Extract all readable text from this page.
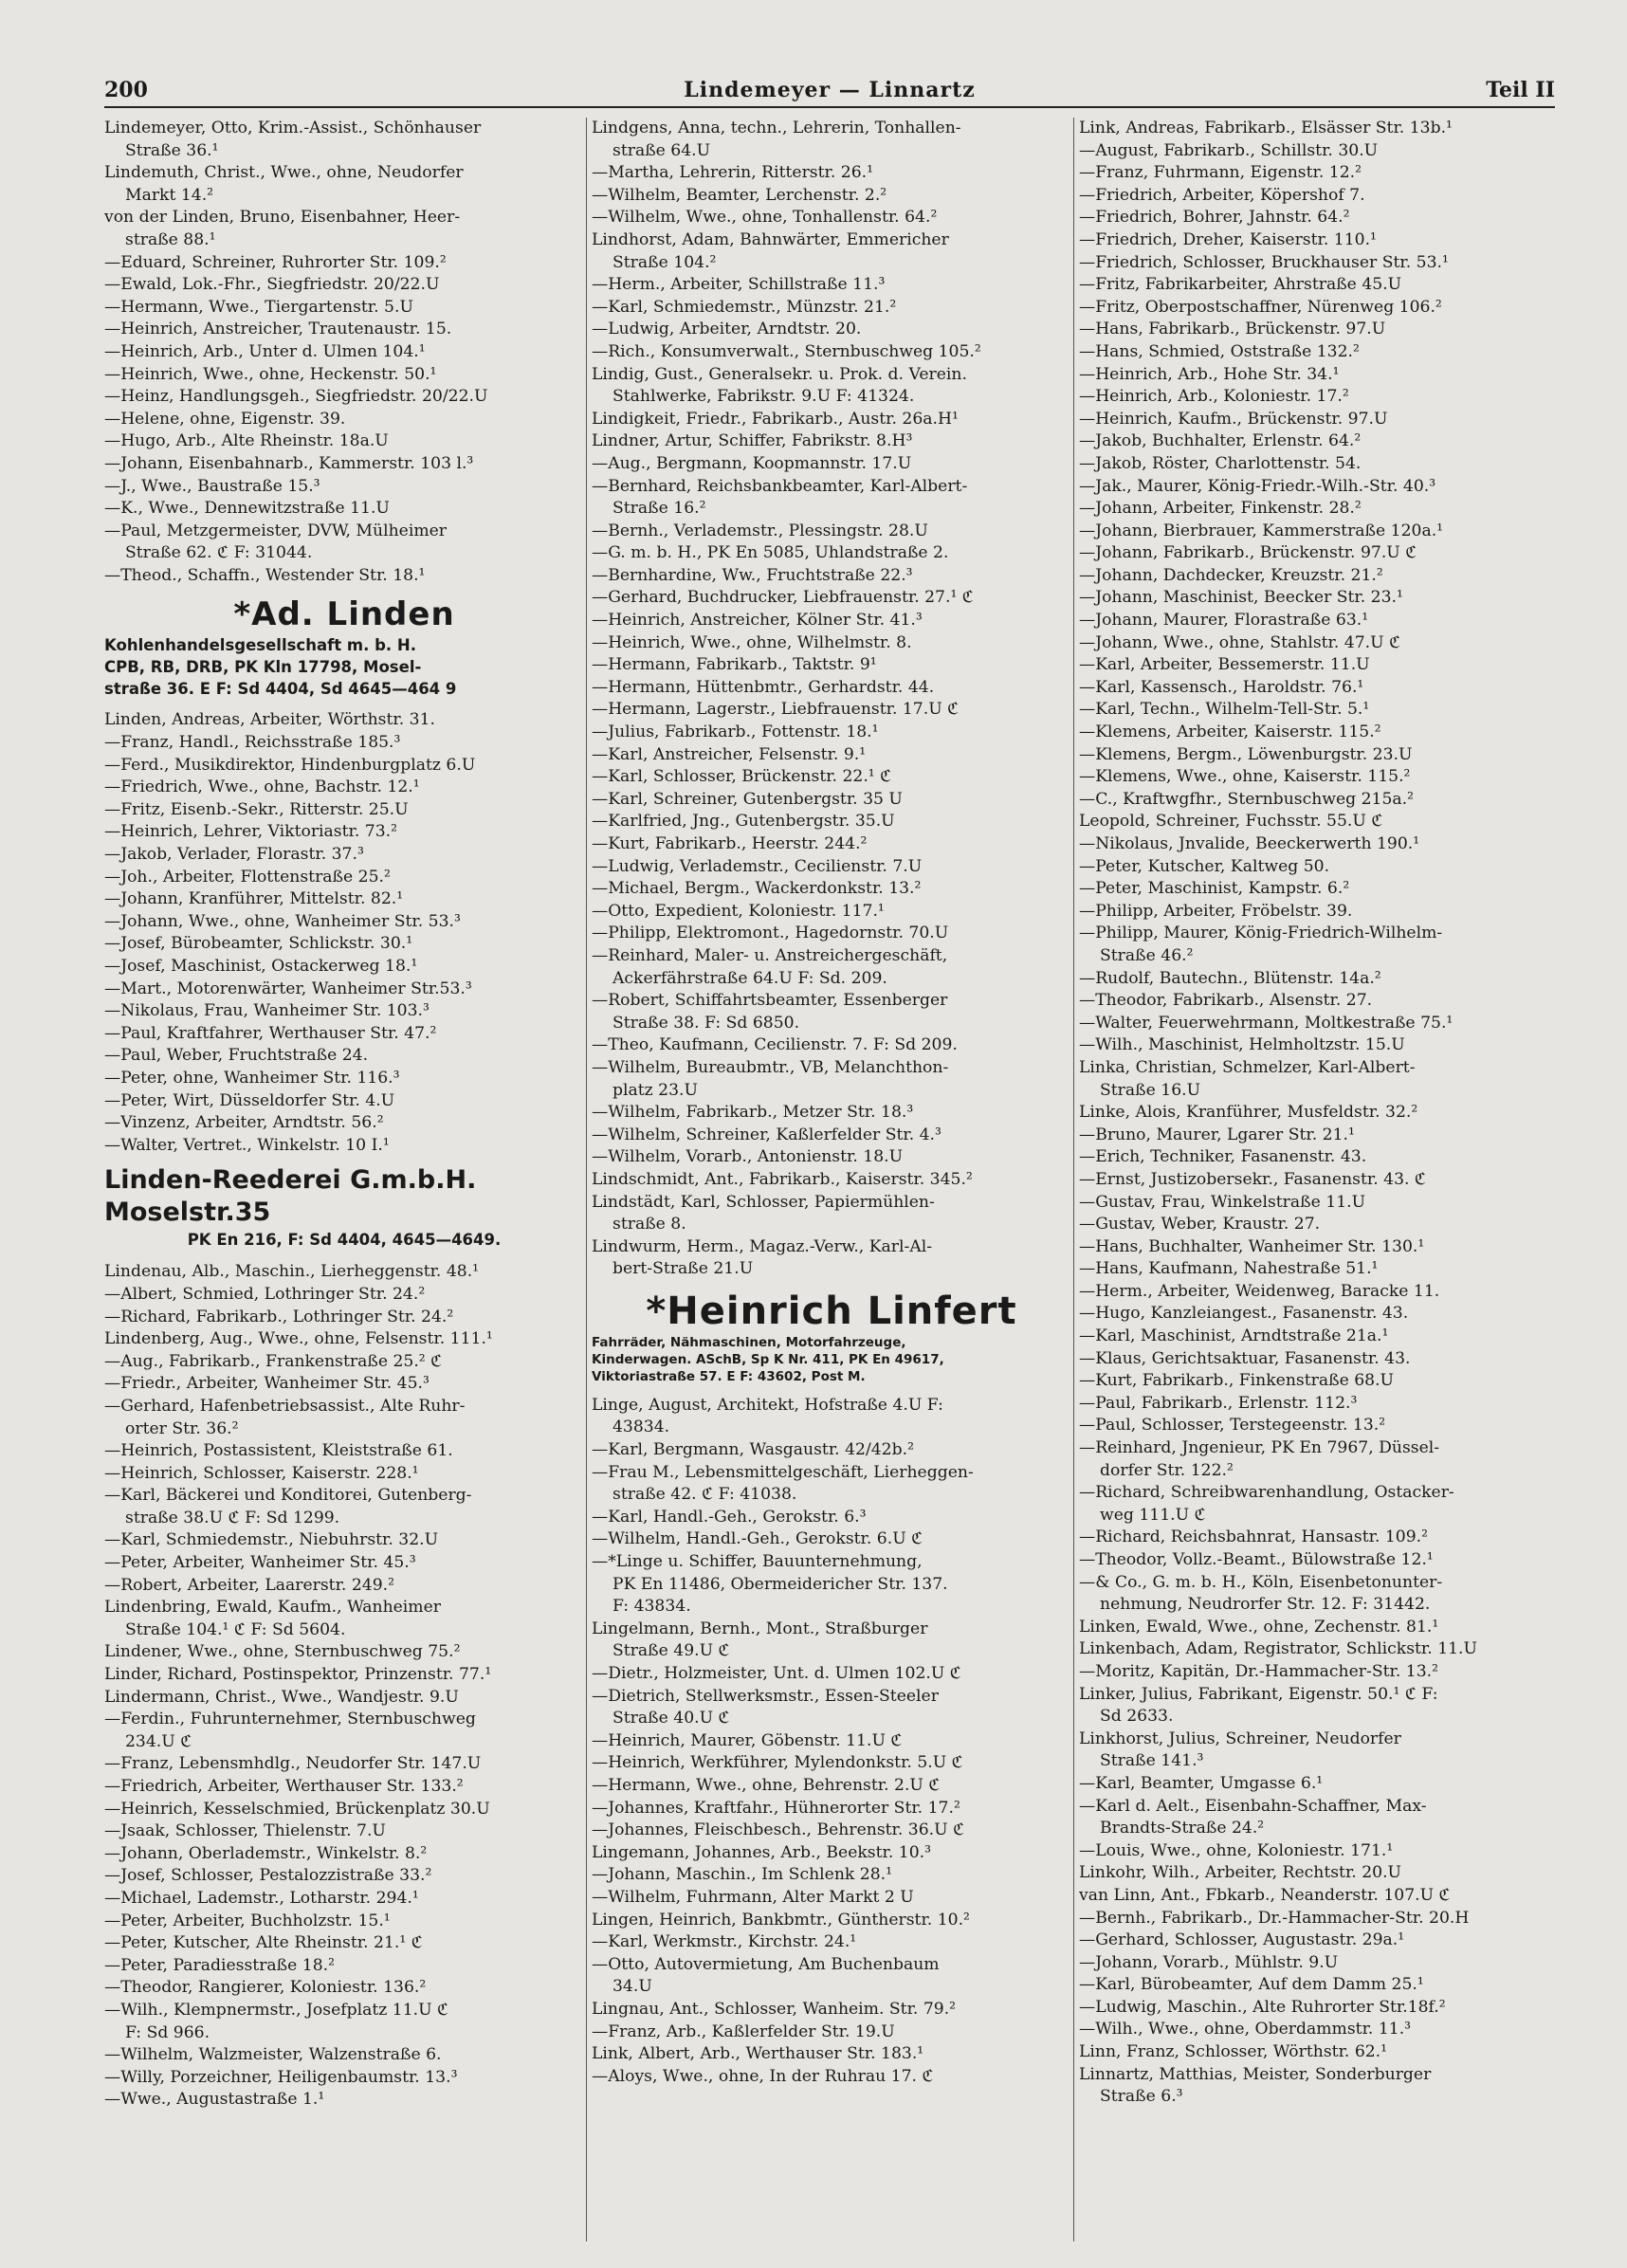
200	Lindemeyer — Linnartz	Teil II
Lindemeyer, Otto, Krim.-Assist., Schönhauser
Straße 36.¹
Lindemuth, Christ., Wwe., ohne, Neudorfer
Markt 14.²
von der Linden, Bruno, Eisenbahner, Heer-
straße 88.¹
—Eduard, Schreiner, Ruhrorter Str. 109.²
—Ewald, Lok.-Fhr., Siegfriedstr. 20/22.U
—Hermann, Wwe., Tiergartenstr. 5.U
—Heinrich, Anstreicher, Trautenaustr. 15.
—Heinrich, Arb., Unter d. Ulmen 104.¹
—Heinrich, Wwe., ohne, Heckenstr. 50.¹
—Heinz, Handlungsgeh., Siegfriedstr. 20/22.U
—Helene, ohne, Eigenstr. 39.
—Hugo, Arb., Alte Rheinstr. 18a.U
—Johann, Eisenbahnarb., Kammerstr. 103 l.³
—J., Wwe., Baustraße 15.³
—K., Wwe., Dennewitzstraße 11.U
—Paul, Metzgermeister, DVW, Mülheimer
Straße 62. ℭ F: 31044.
—Theod., Schaffn., Westender Str. 18.¹
*Ad. Linden
Kohlenhandelsgesellschaft m. b. H.
CPB, RB, DRB, PK Kln 17798, Mosel-
straße 36. E F: Sd 4404, Sd 4645—464 9
Linden, Andreas, Arbeiter, Wörthstr. 31.
—Franz, Handl., Reichsstraße 185.³
—Ferd., Musikdirektor, Hindenburgplatz 6.U
—Friedrich, Wwe., ohne, Bachstr. 12.¹
—Fritz, Eisenb.-Sekr., Ritterstr. 25.U
—Heinrich, Lehrer, Viktoriastr. 73.²
—Jakob, Verlader, Florastr. 37.³
—Joh., Arbeiter, Flottenstraße 25.²
—Johann, Kranführer, Mittelstr. 82.¹
—Johann, Wwe., ohne, Wanheimer Str. 53.³
—Josef, Bürobeamter, Schlickstr. 30.¹
—Josef, Maschinist, Ostackerweg 18.¹
—Mart., Motorenwärter, Wanheimer Str.53.³
—Nikolaus, Frau, Wanheimer Str. 103.³
—Paul, Kraftfahrer, Werthauser Str. 47.²
—Paul, Weber, Fruchtstraße 24.
—Peter, ohne, Wanheimer Str. 116.³
—Peter, Wirt, Düsseldorfer Str. 4.U
—Vinzenz, Arbeiter, Arndtstr. 56.²
—Walter, Vertret., Winkelstr. 10 I.¹
Linden-Reederei G.m.b.H. Moselstr.35
PK En 216, F: Sd 4404, 4645—4649.
Lindenau, Alb., Maschin., Lierheggenstr. 48.¹
—Albert, Schmied, Lothringer Str. 24.²
—Richard, Fabrikarb., Lothringer Str. 24.²
Lindenberg, Aug., Wwe., ohne, Felsenstr. 111.¹
—Aug., Fabrikarb., Frankenstraße 25.² ℭ
—Friedr., Arbeiter, Wanheimer Str. 45.³
—Gerhard, Hafenbetriebsassist., Alte Ruhr-
orter Str. 36.²
—Heinrich, Postassistent, Kleiststraße 61.
—Heinrich, Schlosser, Kaiserstr. 228.¹
—Karl, Bäckerei und Konditorei, Gutenberg-
straße 38.U ℭ F: Sd 1299.
—Karl, Schmiedemstr., Niebuhrstr. 32.U
—Peter, Arbeiter, Wanheimer Str. 45.³
—Robert, Arbeiter, Laarerstr. 249.²
Lindenbring, Ewald, Kaufm., Wanheimer
Straße 104.¹ ℭ F: Sd 5604.
Lindener, Wwe., ohne, Sternbuschweg 75.²
Linder, Richard, Postinspektor, Prinzenstr. 77.¹
Lindermann, Christ., Wwe., Wandjestr. 9.U
—Ferdin., Fuhrunternehmer, Sternbuschweg
234.U ℭ
—Franz, Lebensmhdlg., Neudorfer Str. 147.U
—Friedrich, Arbeiter, Werthauser Str. 133.²
—Heinrich, Kesselschmied, Brückenplatz 30.U
—Jsaak, Schlosser, Thielenstr. 7.U
—Johann, Oberlademstr., Winkelstr. 8.²
—Josef, Schlosser, Pestalozzistraße 33.²
—Michael, Lademstr., Lotharstr. 294.¹
—Peter, Arbeiter, Buchholzstr. 15.¹
—Peter, Kutscher, Alte Rheinstr. 21.¹ ℭ
—Peter, Paradiesstraße 18.²
—Theodor, Rangierer, Koloniestr. 136.²
—Wilh., Klempnermstr., Josefplatz 11.U ℭ
F: Sd 966.
—Wilhelm, Walzmeister, Walzenstraße 6.
—Willy, Porzeichner, Heiligenbaumstr. 13.³
—Wwe., Augustastraße 1.¹
Lindgens, Anna, techn., Lehrerin, Tonhallen-
straße 64.U
—Martha, Lehrerin, Ritterstr. 26.¹
—Wilhelm, Beamter, Lerchenstr. 2.²
—Wilhelm, Wwe., ohne, Tonhallenstr. 64.²
Lindhorst, Adam, Bahnwärter, Emmericher
Straße 104.²
—Herm., Arbeiter, Schillstraße 11.³
—Karl, Schmiedemstr., Münzstr. 21.²
—Ludwig, Arbeiter, Arndtstr. 20.
—Rich., Konsumverwalt., Sternbuschweg 105.²
Lindig, Gust., Generalsekr. u. Prok. d. Verein.
Stahlwerke, Fabrikstr. 9.U F: 41324.
Lindigkeit, Friedr., Fabrikarb., Austr. 26a.H¹
Lindner, Artur, Schiffer, Fabrikstr. 8.H³
—Aug., Bergmann, Koopmannstr. 17.U
—Bernhard, Reichsbankbeamter, Karl-Albert-
Straße 16.²
—Bernh., Verlademstr., Plessingstr. 28.U
—G. m. b. H., PK En 5085, Uhlandstraße 2.
—Bernhardine, Ww., Fruchtstraße 22.³
—Gerhard, Buchdrucker, Liebfrauenstr. 27.¹ ℭ
—Heinrich, Anstreicher, Kölner Str. 41.³
—Heinrich, Wwe., ohne, Wilhelmstr. 8.
—Hermann, Fabrikarb., Taktstr. 9¹
—Hermann, Hüttenbmtr., Gerhardstr. 44.
—Hermann, Lagerstr., Liebfrauenstr. 17.U ℭ
—Julius, Fabrikarb., Fottenstr. 18.¹
—Karl, Anstreicher, Felsenstr. 9.¹
—Karl, Schlosser, Brückenstr. 22.¹ ℭ
—Karl, Schreiner, Gutenbergstr. 35 U
—Karlfried, Jng., Gutenbergstr. 35.U
—Kurt, Fabrikarb., Heerstr. 244.²
—Ludwig, Verlademstr., Cecilienstr. 7.U
—Michael, Bergm., Wackerdonkstr. 13.²
—Otto, Expedient, Koloniestr. 117.¹
—Philipp, Elektromont., Hagedornstr. 70.U
—Reinhard, Maler- u. Anstreichergeschäft,
Ackerfährstraße 64.U F: Sd. 209.
—Robert, Schiffahrtsbeamter, Essenberger
Straße 38. F: Sd 6850.
—Theo, Kaufmann, Cecilienstr. 7. F: Sd 209.
—Wilhelm, Bureaubmtr., VB, Melanchthon-
platz 23.U
—Wilhelm, Fabrikarb., Metzer Str. 18.³
—Wilhelm, Schreiner, Kaßlerfelder Str. 4.³
—Wilhelm, Vorarb., Antonienstr. 18.U
Lindschmidt, Ant., Fabrikarb., Kaiserstr. 345.²
Lindstädt, Karl, Schlosser, Papiermühlen-
straße 8.
Lindwurm, Herm., Magaz.-Verw., Karl-Al-
bert-Straße 21.U
*Heinrich Linfert
Fahrräder, Nähmaschinen, Motorfahrzeuge,
Kinderwagen. ASchB, Sp K Nr. 411, PK En 49617,
Viktoriastraße 57. E F: 43602, Post M.
Linge, August, Architekt, Hofstraße 4.U F:
43834.
—Karl, Bergmann, Wasgaustr. 42/42b.²
—Frau M., Lebensmittelgeschäft, Lierheggen-
straße 42. ℭ F: 41038.
—Karl, Handl.-Geh., Gerokstr. 6.³
—Wilhelm, Handl.-Geh., Gerokstr. 6.U ℭ
—*Linge u. Schiffer, Bauunternehmung,
PK En 11486, Obermeidericher Str. 137.
F: 43834.
Lingelmann, Bernh., Mont., Straßburger
Straße 49.U ℭ
—Dietr., Holzmeister, Unt. d. Ulmen 102.U ℭ
—Dietrich, Stellwerksmstr., Essen-Steeler
Straße 40.U ℭ
—Heinrich, Maurer, Göbenstr. 11.U ℭ
—Heinrich, Werkführer, Mylendonkstr. 5.U ℭ
—Hermann, Wwe., ohne, Behrenstr. 2.U ℭ
—Johannes, Kraftfahr., Hühnerorter Str. 17.²
—Johannes, Fleischbesch., Behrenstr. 36.U ℭ
Lingemann, Johannes, Arb., Beekstr. 10.³
—Johann, Maschin., Im Schlenk 28.¹
—Wilhelm, Fuhrmann, Alter Markt 2 U
Lingen, Heinrich, Bankbmtr., Güntherstr. 10.²
—Karl, Werkmstr., Kirchstr. 24.¹
—Otto, Autovermietung, Am Buchenbaum
34.U
Lingnau, Ant., Schlosser, Wanheim. Str. 79.²
—Franz, Arb., Kaßlerfelder Str. 19.U
Link, Albert, Arb., Werthauser Str. 183.¹
—Aloys, Wwe., ohne, In der Ruhrau 17. ℭ
Link, Andreas, Fabrikarb., Elsässer Str. 13b.¹
—August, Fabrikarb., Schillstr. 30.U
—Franz, Fuhrmann, Eigenstr. 12.²
—Friedrich, Arbeiter, Köpershof 7.
—Friedrich, Bohrer, Jahnstr. 64.²
—Friedrich, Dreher, Kaiserstr. 110.¹
—Friedrich, Schlosser, Bruckhauser Str. 53.¹
—Fritz, Fabrikarbeiter, Ahrstraße 45.U
—Fritz, Oberpostschaffner, Nürenweg 106.²
—Hans, Fabrikarb., Brückenstr. 97.U
—Hans, Schmied, Oststraße 132.²
—Heinrich, Arb., Hohe Str. 34.¹
—Heinrich, Arb., Koloniestr. 17.²
—Heinrich, Kaufm., Brückenstr. 97.U
—Jakob, Buchhalter, Erlenstr. 64.²
—Jakob, Röster, Charlottenstr. 54.
—Jak., Maurer, König-Friedr.-Wilh.-Str. 40.³
—Johann, Arbeiter, Finkenstr. 28.²
—Johann, Bierbrauer, Kammerstraße 120a.¹
—Johann, Fabrikarb., Brückenstr. 97.U ℭ
—Johann, Dachdecker, Kreuzstr. 21.²
—Johann, Maschinist, Beecker Str. 23.¹
—Johann, Maurer, Florastraße 63.¹
—Johann, Wwe., ohne, Stahlstr. 47.U ℭ
—Karl, Arbeiter, Bessemerstr. 11.U
—Karl, Kassensch., Haroldstr. 76.¹
—Karl, Techn., Wilhelm-Tell-Str. 5.¹
—Klemens, Arbeiter, Kaiserstr. 115.²
—Klemens, Bergm., Löwenburgstr. 23.U
—Klemens, Wwe., ohne, Kaiserstr. 115.²
—C., Kraftwgfhr., Sternbuschweg 215a.²
Leopold, Schreiner, Fuchsstr. 55.U ℭ
—Nikolaus, Jnvalide, Beeckerwerth 190.¹
—Peter, Kutscher, Kaltweg 50.
—Peter, Maschinist, Kampstr. 6.²
—Philipp, Arbeiter, Fröbelstr. 39.
—Philipp, Maurer, König-Friedrich-Wilhelm-
Straße 46.²
—Rudolf, Bautechn., Blütenstr. 14a.²
—Theodor, Fabrikarb., Alsenstr. 27.
—Walter, Feuerwehrmann, Moltkestraße 75.¹
—Wilh., Maschinist, Helmholtzstr. 15.U
Linka, Christian, Schmelzer, Karl-Albert-
Straße 16.U
Linke, Alois, Kranführer, Musfeldstr. 32.²
—Bruno, Maurer, Lgarer Str. 21.¹
—Erich, Techniker, Fasanenstr. 43.
—Ernst, Justizobersekr., Fasanenstr. 43. ℭ
—Gustav, Frau, Winkelstraße 11.U
—Gustav, Weber, Kraustr. 27.
—Hans, Buchhalter, Wanheimer Str. 130.¹
—Hans, Kaufmann, Nahestraße 51.¹
—Herm., Arbeiter, Weidenweg, Baracke 11.
—Hugo, Kanzleiangest., Fasanenstr. 43.
—Karl, Maschinist, Arndtstraße 21a.¹
—Klaus, Gerichtsaktuar, Fasanenstr. 43.
—Kurt, Fabrikarb., Finkenstraße 68.U
—Paul, Fabrikarb., Erlenstr. 112.³
—Paul, Schlosser, Terstegeenstr. 13.²
—Reinhard, Jngenieur, PK En 7967, Düssel-
dorfer Str. 122.²
—Richard, Schreibwarenhandlung, Ostacker-
weg 111.U ℭ
—Richard, Reichsbahnrat, Hansastr. 109.²
—Theodor, Vollz.-Beamt., Bülowstraße 12.¹
—& Co., G. m. b. H., Köln, Eisenbetonunter-
nehmung, Neudrorfer Str. 12. F: 31442.
Linken, Ewald, Wwe., ohne, Zechenstr. 81.¹
Linkenbach, Adam, Registrator, Schlickstr. 11.U
—Moritz, Kapitän, Dr.-Hammacher-Str. 13.²
Linker, Julius, Fabrikant, Eigenstr. 50.¹ ℭ F:
Sd 2633.
Linkhorst, Julius, Schreiner, Neudorfer
Straße 141.³
—Karl, Beamter, Umgasse 6.¹
—Karl d. Aelt., Eisenbahn-Schaffner, Max-
Brandts-Straße 24.²
—Louis, Wwe., ohne, Koloniestr. 171.¹
Linkohr, Wilh., Arbeiter, Rechtstr. 20.U
van Linn, Ant., Fbkarb., Neanderstr. 107.U ℭ
—Bernh., Fabrikarb., Dr.-Hammacher-Str. 20.H
—Gerhard, Schlosser, Augustastr. 29a.¹
—Johann, Vorarb., Mühlstr. 9.U
—Karl, Bürobeamter, Auf dem Damm 25.¹
—Ludwig, Maschin., Alte Ruhrorter Str.18f.²
—Wilh., Wwe., ohne, Oberdammstr. 11.³
Linn, Franz, Schlosser, Wörthstr. 62.¹
Linnartz, Matthias, Meister, Sonderburger
Straße 6.³
